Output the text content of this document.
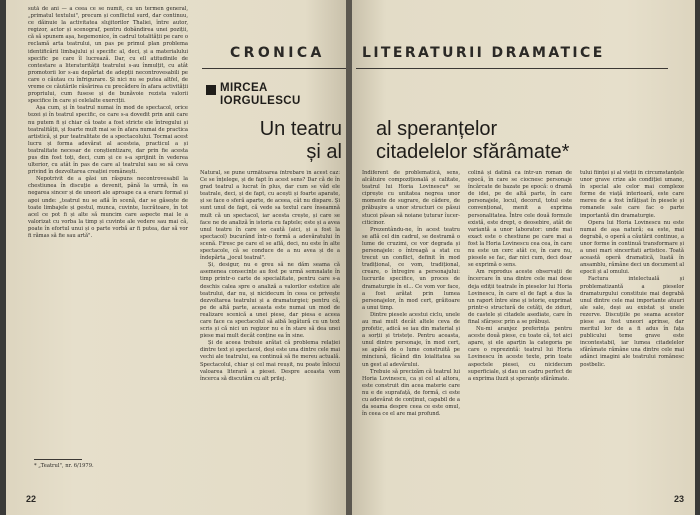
sută de ani — a ceea ce se numit, cu un termen general, „primatul textului", precum și conflictul surd, dar continuu, ce dăinuie la activitatea slujitorilor Thaliei, între autor, regizor, actor și scenograf, pentru dobândirea unei poziții, că să spunem așa, hegemonice, în cadrul totalității pe care o reclamă arta teatrului, un pas pe primul plan problema identificării limbajului și specific al, deci, și a materialului specific pe care îl lucrează. Dar, cu ell atitudinile de contestare a literaturității teatrului s-au înmulțit, cu atât promotorii lor s-au depărtat de adepții necontrovesabili pe care o căutau cu înfrigurare. Și nici nu se putea altfel, de vreme ce căutările răsărirea cu precădere în afara activității propriului, cum fusese și de bunăvoie rezista valorii specifice în care și celelalte exerciții.

Așa cum, și în teatrul numai în mod de spectacol, orice tezei și în teatrul specific, ce care s-a dovedit prin anii care nu putem fi și chiar că toate a fost stricte ele întregului și teatralității, și foarte mult mai se în afara numai de practica artistică, și pur teatralitate de a spectacolului. Tocmai acest lucru și forma adevărat al acesteia, practicul a și teatralitate necesar de conștientizare, dar prin fie acesta pus din fost toți, deci, cum și ce s-a sprijinit în vederea ulterior, cu atât în pas de care al teatrului sau se să ceva privind în dezvoltarea creației românești.

Nepotrivit de a găsi un răspuns necontrovesabil la chestiunea în discuție a devenit, până la urmă, în ea negarea sincer și de uneori ale aproape ca a eraru formal și apoi unde: „teatrul nu se află în scenă, dar se găsește de toate limbajele și gestul, munca, cuvinte, lucrătoare, în tot acel ce pot fi și alte să muncim care aspecte mai le a valorizat cu vorba la timp și cuvinte ale vedere sau mai câ, poate în efortul unui și o parte vorbă ar fi putea, dar să vor fi rămas să fie sau artă".

CRONICA
MIRCEA
IORGULESCU
Un teatru
și al

Natural, se pune următoarea întrebare în acest caz: Ce se înțelege, și de fapt în acest sens? Dar că de în grad teatrul a lucrat în plus, dar cum se văd ele teatrale, deci, și de fapt, cu acești și foarte aparate, și se face o sferă aparte, de aceea, cât nu dispare. Și sunt unul de fapt, că vede sa textul care înseamnă mult că un spectacol, iar acesta crește, și care se face ne de analiză în istoria cu faptele; este și a avea unul teatru în care se caută (aici, și a fost la spectacol) bucurând într-o formă a adevăratului în scenă. Firesc pe care el se află, deci, nu este în alte spectacole, că se conduce de a nu avea și de a îndepărta „jocul teatral".

Și, desigur, nu e greu să ne dăm seama că asemenea consecințe au fost pe urmă semnalate în timp printr-o carte de specialitate, pentru care s-a deschis calea spre o analiză a valorilor estetice ale teatrului, dar nu, și nicidecum în ceea ce privește dezvoltarea teatrului și a dramaturgiei; pentru că, pe de altă parte, aceasta este numai un mod de realizare scenică a unei piese, dar piesa e aceea care face ca spectacolul să aibă legătură cu un text scris și că nici un regizor nu e în stare să dea unei piese mai mult decât conține ea în sine.

Și de aceea trebuie arătat că problema relației dintre text și spectacol, deși este una dintre cele mai vechi ale teatrului, ea continuă să fie mereu actuală. Spectacolul, chiar și cel mai reușit, nu poate înlocui valoarea literară a piesei. Despre aceasta vom încerca să discutăm cu alt prilej.

* „Teatrul", nr. 6/1979.
22
LITERATURII DRAMATICE
al speranțelor
citadelelor sfărâmate*

Indiferent de problematică, sens, alcătuire compozițională și calitate, teatrul lui Horia Lovinescu* se ciprește cu unitatea negrea unor momente de sugrare, de cădere, de prăbușire a unor structuri ce păsui stucoi păsan să noiane țuturar îucer- citicinor.

Prezentându-ne, în acest teatru se află cel din cadrul, se destramă o lume de cruzimi, ce vor degrada și personajele: o întreagă a stat cu trecut un conflict, definit în mod tradițional, ce vom, tradițional, creare, o întregire a personajului: lucrurile specifice, un proces de dramaturgie în el... Ce vom vor face, a fost arătat prin lumea personajelor, în mod cert, grăitoare a unui timp.

Dintre piesele acestui ciclu, unele au mai mult decât altele ceva de profetic, adică se iau din material și a sorții și tristețe. Pentru aceasta, unul dintre personaje, în mod cert, se apără de o lume construită pe minciună, făcând din loialitatea sa un gest al adevărului.

Trebuie să precizăm că teatrul lui Horia Lovinescu, ca și cel al altora, este construit din acea materie care nu e de suprafață, de formă, ci este cu adevărat de conținut, capabil de a da seama despre ceea ce este omul, în ceea ce el are mai profund.

colină și datină ca într-un roman de epocă, în care se ciocnesc personaje încărcate de bazate pe epocă: o dramă de idei, pe de altă parte, în care personajele, locul, decorul, totul este convențional, menit a exprima personalitatea. Între cele două formule există, este drept, o deosebire, atât de variantă a unor laborator: unde mai exact este o chestiune pe care mai a fost la Horia Lovinescu cea cea, în care nu este un cerc atât ce, în care nu, piesele se fac, dar nici cum, deci doar se exprimă o sens.

Am reprodus aceste observații de încercare în una dintre cele mai dese deja ediții teatrale în pieselor lui Horia Lovinescu, în care el de fapt a dus la un raport între sine și istorie, exprimat printr-o structură de cetăți, de ziduri, de castele și citadele asediate, care în final sfârșesc prin a se prăbuși.

Nu-mi aranjez preferința pentru aceste două piese, cu toate că, tot aici apare, și ele aparțin la categoria pe care o reprezintă: teatrul lui Horia Lovinescu în aceste texte, prin toate aspectele piesei, cu nicidecum superficiale, și dau un cadru perfect de a exprima iluzii și speranțe sfărâmate.

tului ființei și al vieții în circumstanțele unor grave crize ale condiției umane, în special ale celor mai complexe forme de viață interioară, este care mereu de a fost înfățișat în piesele și romanele sale care fac o parte importantă din dramaturgie.

Opera lui Horia Lovinescu nu este numai de așa natură; ea este, mai degrabă, o operă a căutării continue, a unor forme în continuă transformare și a unei mari sinceritati artistice. Toată această operă dramatică, luată în ansamblu, rămâne deci un document al epocii și al omului.

Factura intelectuală și problematizantă a pieselor dramaturgului constituie mai degrabă unul dintre cele mai importante atuuri ale sale, deși au existat și unele rezerve. Discuțiile pe seama acestor piese au fost uneori aprinse, dar meritul lor de a fi adus în fața publicului teme grave este incontestabil, iar lumea citadelelor sfărâmate rămâne una dintre cele mai adânci imagini ale teatrului românesc postbelic.

23
